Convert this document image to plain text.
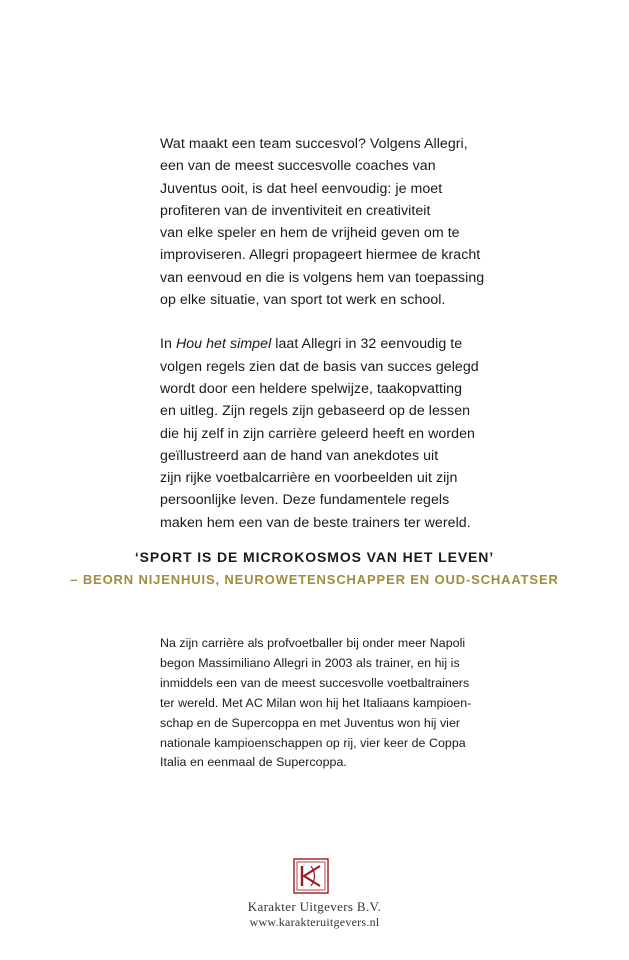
Wat maakt een team succesvol? Volgens Allegri,
een van de meest succesvolle coaches van
Juventus ooit, is dat heel eenvoudig: je moet
profiteren van de inventiviteit en creativiteit
van elke speler en hem de vrijheid geven om te
improviseren. Allegri propageert hiermee de kracht
van eenvoud en die is volgens hem van toepassing
op elke situatie, van sport tot werk en school.

In Hou het simpel laat Allegri in 32 eenvoudig te
volgen regels zien dat de basis van succes gelegd
wordt door een heldere spelwijze, taakopvatting
en uitleg. Zijn regels zijn gebaseerd op de lessen
die hij zelf in zijn carrière geleerd heeft en worden
geïllustreerd aan de hand van anekdotes uit
zijn rijke voetbalcarrière en voorbeelden uit zijn
persoonlijke leven. Deze fundamentele regels
maken hem een van de beste trainers ter wereld.

‘SPORT IS DE MICROKOSMOS VAN HET LEVEN’
– BEORN NIJENHUIS, NEUROWETENSCHAPPER EN OUD-SCHAATSER
Na zijn carrière als profvoetballer bij onder meer Napoli
begon Massimiliano Allegri in 2003 als trainer, en hij is
inmiddels een van de meest succesvolle voetbaltrainers
ter wereld. Met AC Milan won hij het Italiaans kampioen-
schap en de Supercoppa en met Juventus won hij vier
nationale kampioenschappen op rij, vier keer de Coppa
Italia en eenmaal de Supercoppa.
Karakter Uitgevers B.V.
www.karakteruitgevers.nl
